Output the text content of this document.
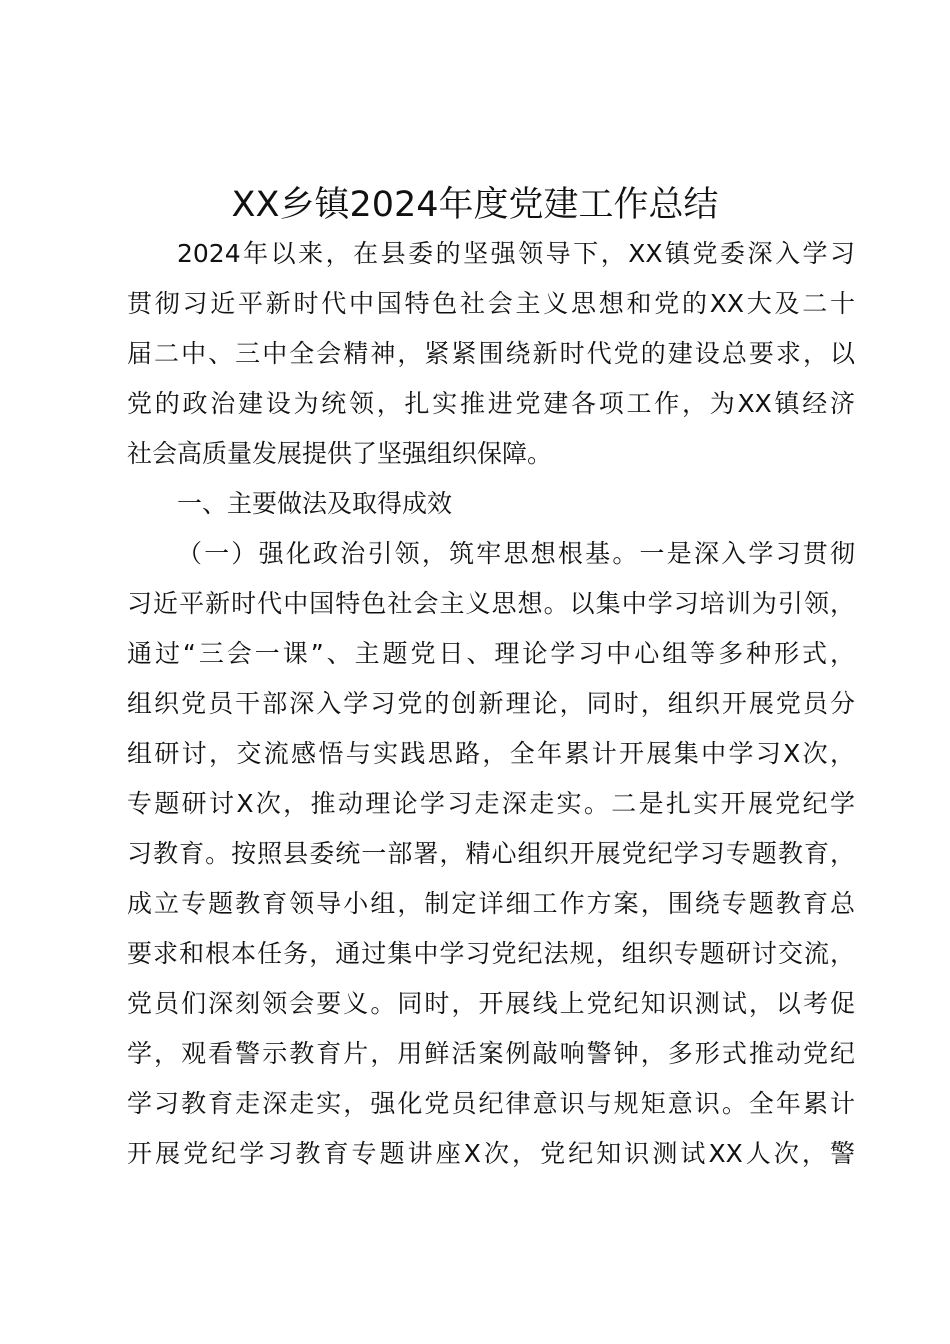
XX乡镇2024年度党建工作总结
2024年以来，在县委的坚强领导下，XX镇党委深入学习
贯彻习近平新时代中国特色社会主义思想和党的XX大及二十
届二中、三中全会精神，紧紧围绕新时代党的建设总要求，以
党的政治建设为统领，扎实推进党建各项工作，为XX镇经济
社会高质量发展提供了坚强组织保障。
一、主要做法及取得成效
（一）强化政治引领，筑牢思想根基。一是深入学习贯彻
习近平新时代中国特色社会主义思想。以集中学习培训为引领，
通过“三会一课”、主题党日、理论学习中心组等多种形式，
组织党员干部深入学习党的创新理论，同时，组织开展党员分
组研讨，交流感悟与实践思路，全年累计开展集中学习X次，
专题研讨X次，推动理论学习走深走实。二是扎实开展党纪学
习教育。按照县委统一部署，精心组织开展党纪学习专题教育，
成立专题教育领导小组，制定详细工作方案，围绕专题教育总
要求和根本任务，通过集中学习党纪法规，组织专题研讨交流，
党员们深刻领会要义。同时，开展线上党纪知识测试，以考促
学，观看警示教育片，用鲜活案例敲响警钟，多形式推动党纪
学习教育走深走实，强化党员纪律意识与规矩意识。全年累计
开展党纪学习教育专题讲座X次，党纪知识测试XX人次，警
